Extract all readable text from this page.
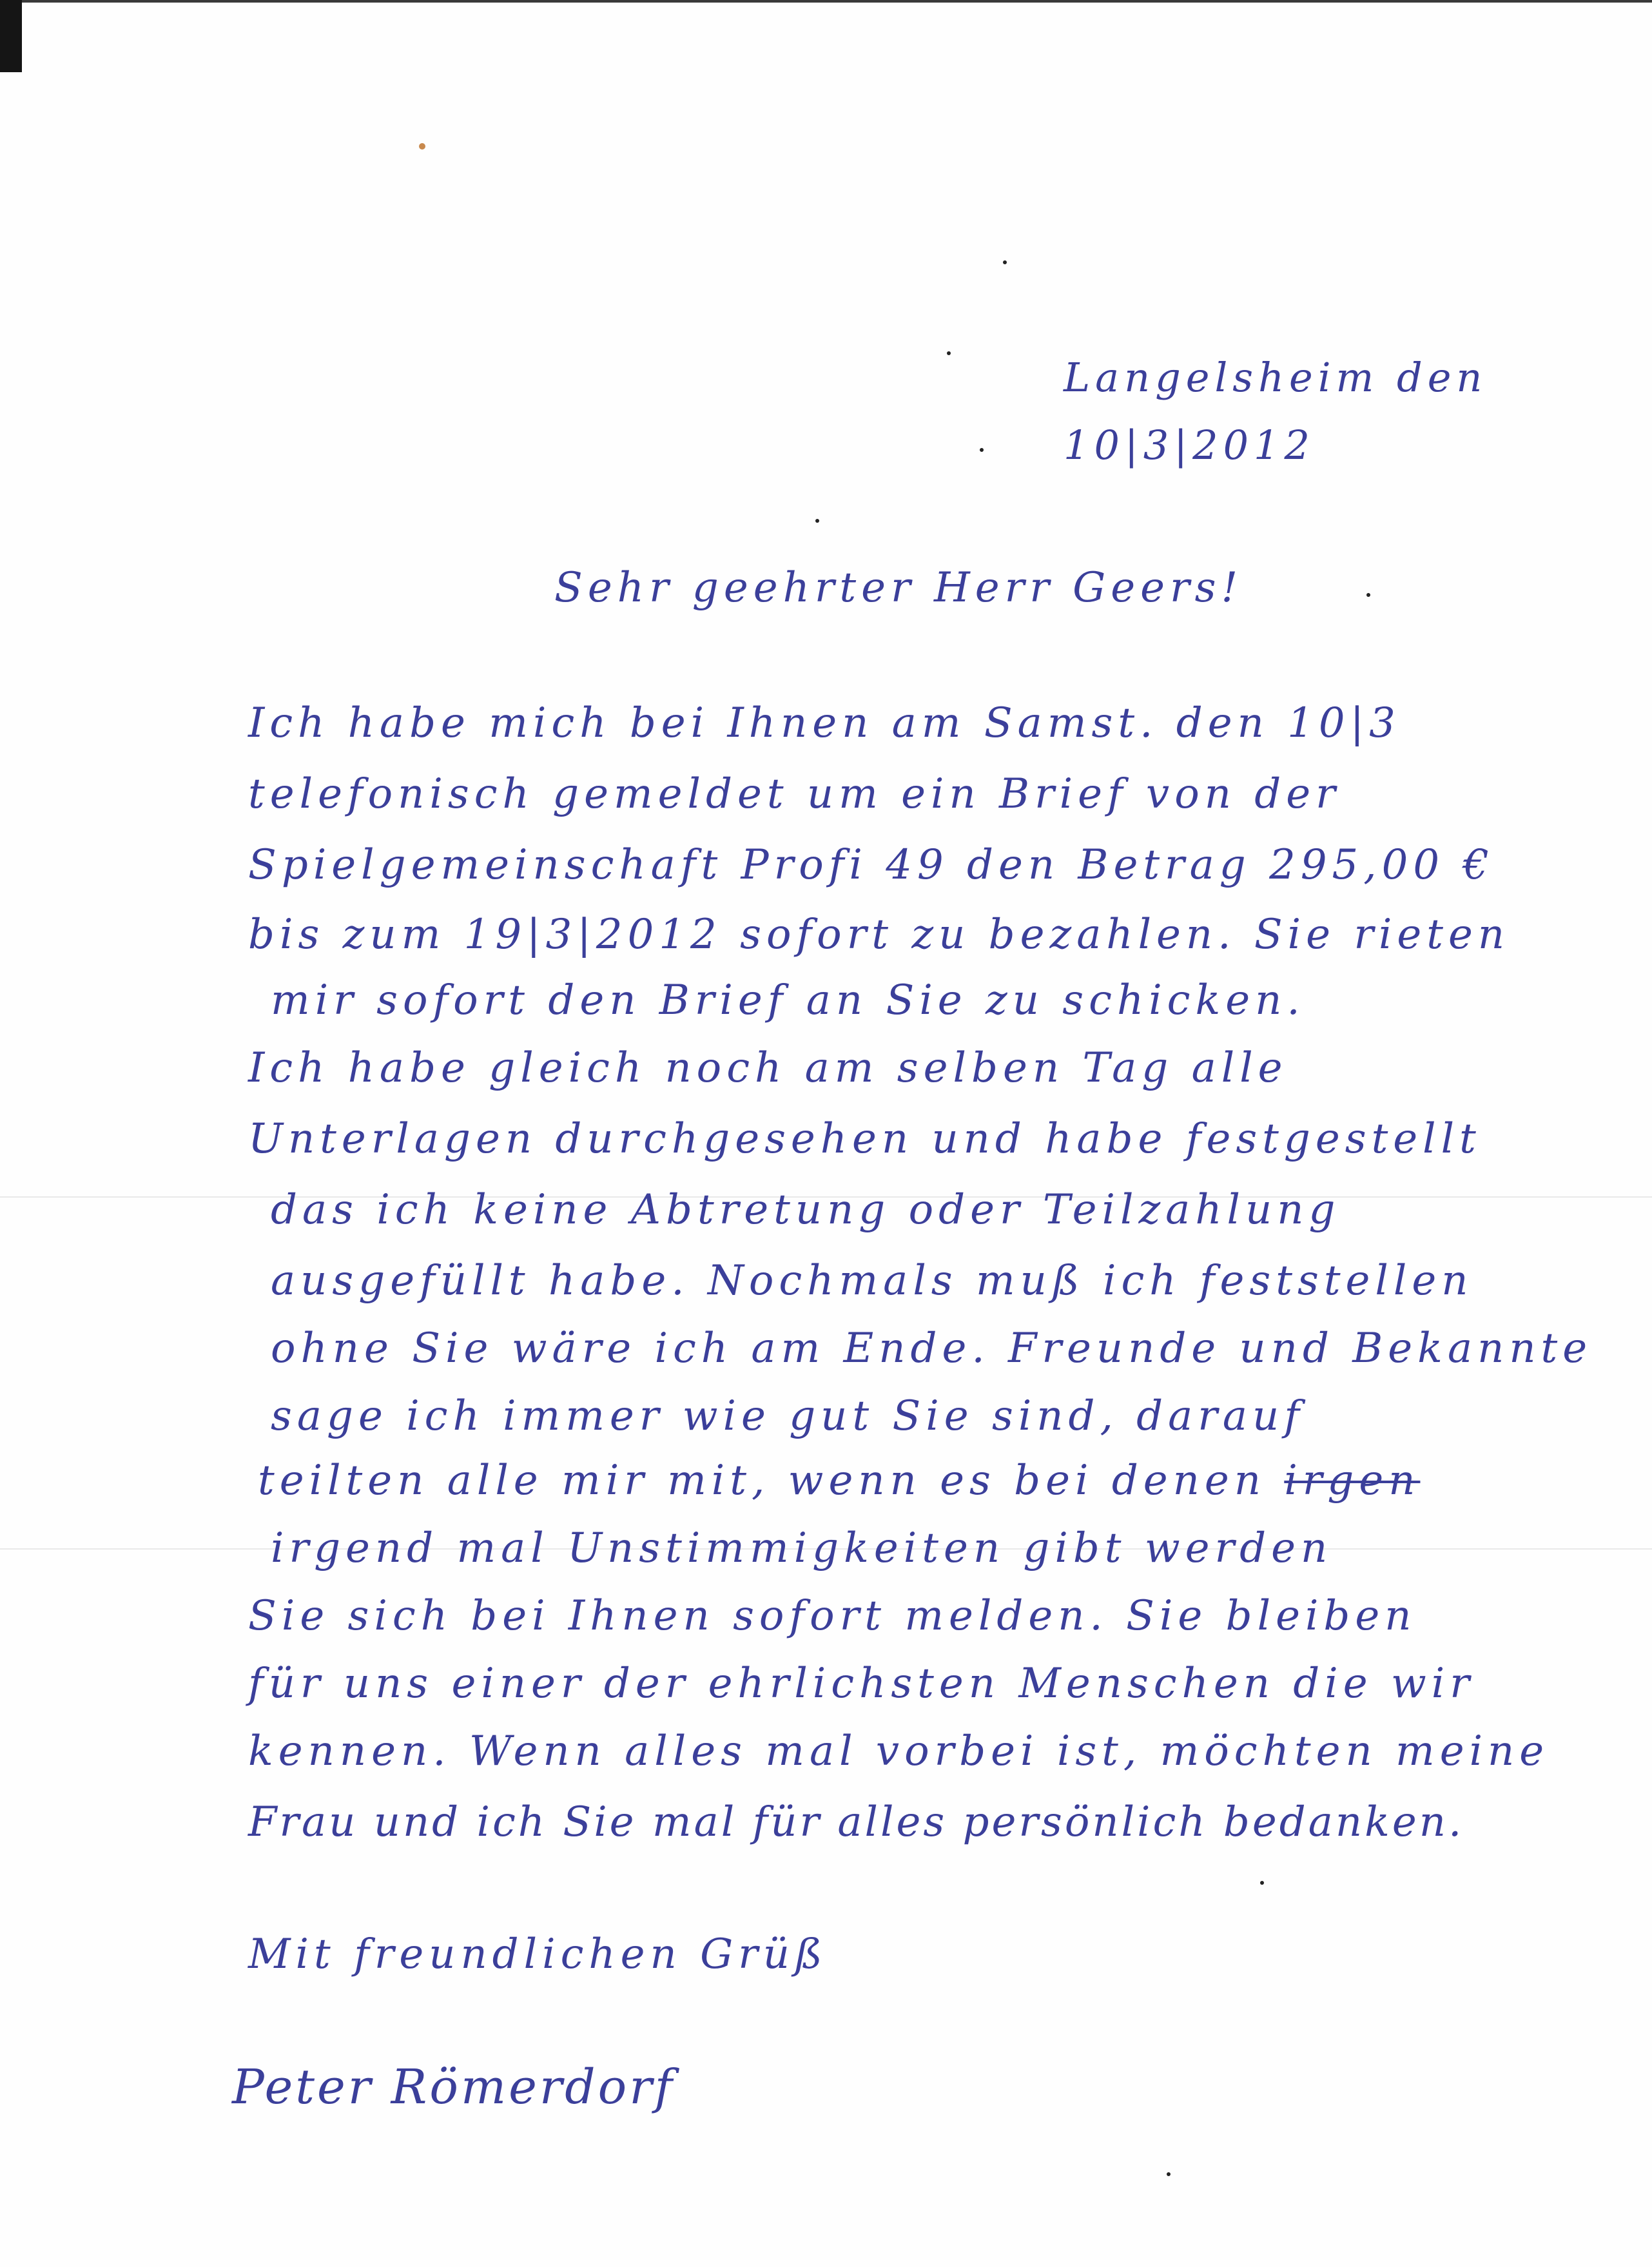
Langelsheim den
10|3|2012
Sehr geehrter Herr Geers!
Ich habe mich bei Ihnen am Samst. den 10|3
telefonisch gemeldet um ein Brief von der
Spielgemeinschaft Profi 49 den Betrag 295,00 €
bis zum 19|3|2012 sofort zu bezahlen. Sie rieten
mir sofort den Brief an Sie zu schicken.
Ich habe gleich noch am selben Tag alle
Unterlagen durchgesehen und habe festgestellt
das ich keine Abtretung oder Teilzahlung
ausgefüllt habe. Nochmals muß ich feststellen
ohne Sie wäre ich am Ende. Freunde und Bekannte
sage ich immer wie gut Sie sind, darauf
teilten alle mir mit, wenn es bei denen irgen
irgend mal Unstimmigkeiten gibt werden
Sie sich bei Ihnen sofort melden. Sie bleiben
für uns einer der ehrlichsten Menschen die wir
kennen. Wenn alles mal vorbei ist, möchten meine
Frau und ich Sie mal für alles persönlich bedanken.
Mit freundlichen Grüß
Peter Römerdorf
